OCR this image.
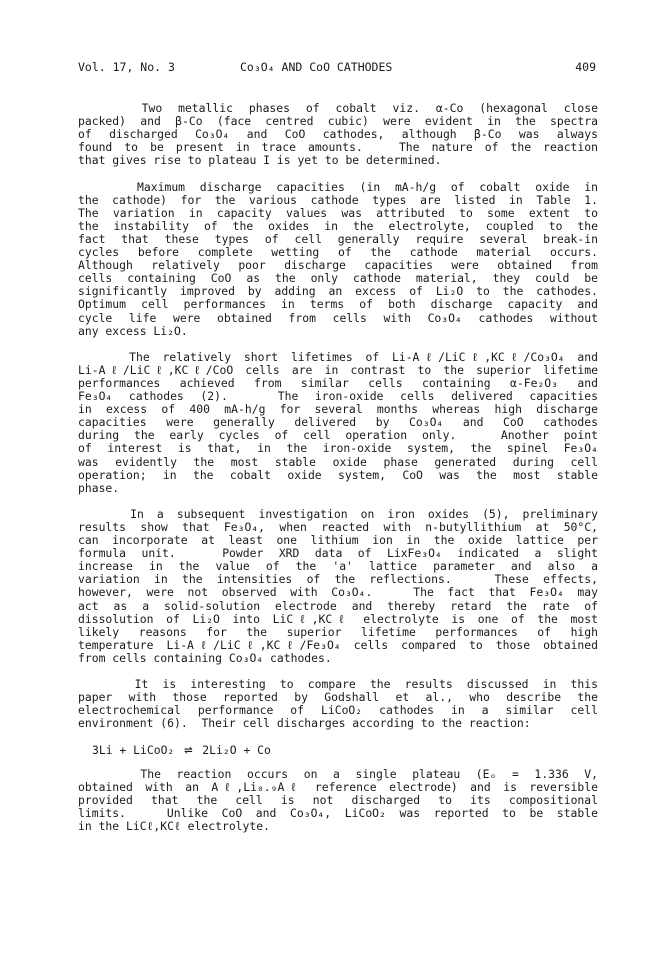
Vol. 17, No. 3	Co₃O₄ AND CoO CATHODES	409
Two metallic phases of cobalt viz. α-Co (hexagonal close
packed) and β-Co (face centred cubic) were evident in the spectra
of discharged Co₃O₄ and CoO cathodes, although β-Co was always
found to be present in trace amounts.   The nature of the reaction
that gives rise to plateau I is yet to be determined.
Maximum discharge capacities (in mA-h/g of cobalt oxide in
the cathode) for the various cathode types are listed in Table 1.
The variation in capacity values was attributed to some extent to
the instability of the oxides in the electrolyte, coupled to the
fact that these types of cell generally require several break-in
cycles before complete wetting of the cathode material occurs.
Although relatively poor discharge capacities were obtained from
cells containing CoO as the only cathode material, they could be
significantly improved by adding an excess of Li₂O to the cathodes.
Optimum cell performances in terms of both discharge capacity and
cycle life were obtained from cells with Co₃O₄ cathodes without
any excess Li₂O.
The relatively short lifetimes of Li-Aℓ/LiCℓ,KCℓ/Co₃O₄ and
Li-Aℓ/LiCℓ,KCℓ/CoO cells are in contrast to the superior lifetime
performances achieved from similar cells containing α-Fe₂O₃ and
Fe₃O₄ cathodes (2).   The iron-oxide cells delivered capacities
in excess of 400 mA-h/g for several months whereas high discharge
capacities were generally delivered by Co₃O₄ and CoO cathodes
during the early cycles of cell operation only.   Another point
of interest is that, in the iron-oxide system, the spinel Fe₃O₄
was evidently the most stable oxide phase generated during cell
operation; in the cobalt oxide system, CoO was the most stable
phase.
In a subsequent investigation on iron oxides (5), preliminary
results show that Fe₃O₄, when reacted with n-butyllithium at 50°C,
can incorporate at least one lithium ion in the oxide lattice per
formula unit.   Powder XRD data of LixFe₃O₄ indicated a slight
increase in the value of the 'a' lattice parameter and also a
variation in the intensities of the reflections.   These effects,
however, were not observed with Co₃O₄.   The fact that Fe₃O₄ may
act as a solid-solution electrode and thereby retard the rate of
dissolution of Li₂O into LiCℓ,KCℓ electrolyte is one of the most
likely reasons for the superior lifetime performances of high
temperature Li-Aℓ/LiCℓ,KCℓ/Fe₃O₄ cells compared to those obtained
from cells containing Co₃O₄ cathodes.
It is interesting to compare the results discussed in this
paper with those reported by Godshall et al., who describe the
electrochemical performance of LiCoO₂ cathodes in a similar cell
environment (6).  Their cell discharges according to the reaction:
3Li + LiCoO₂ ⇌ 2Li₂O + Co
The reaction occurs on a single plateau (Eₒ = 1.336 V,
obtained with an Aℓ,Li₀.₉Aℓ reference electrode) and is reversible
provided that the cell is not discharged to its compositional
limits.   Unlike CoO and Co₃O₄, LiCoO₂ was reported to be stable
in the LiCℓ,KCℓ electrolyte.
